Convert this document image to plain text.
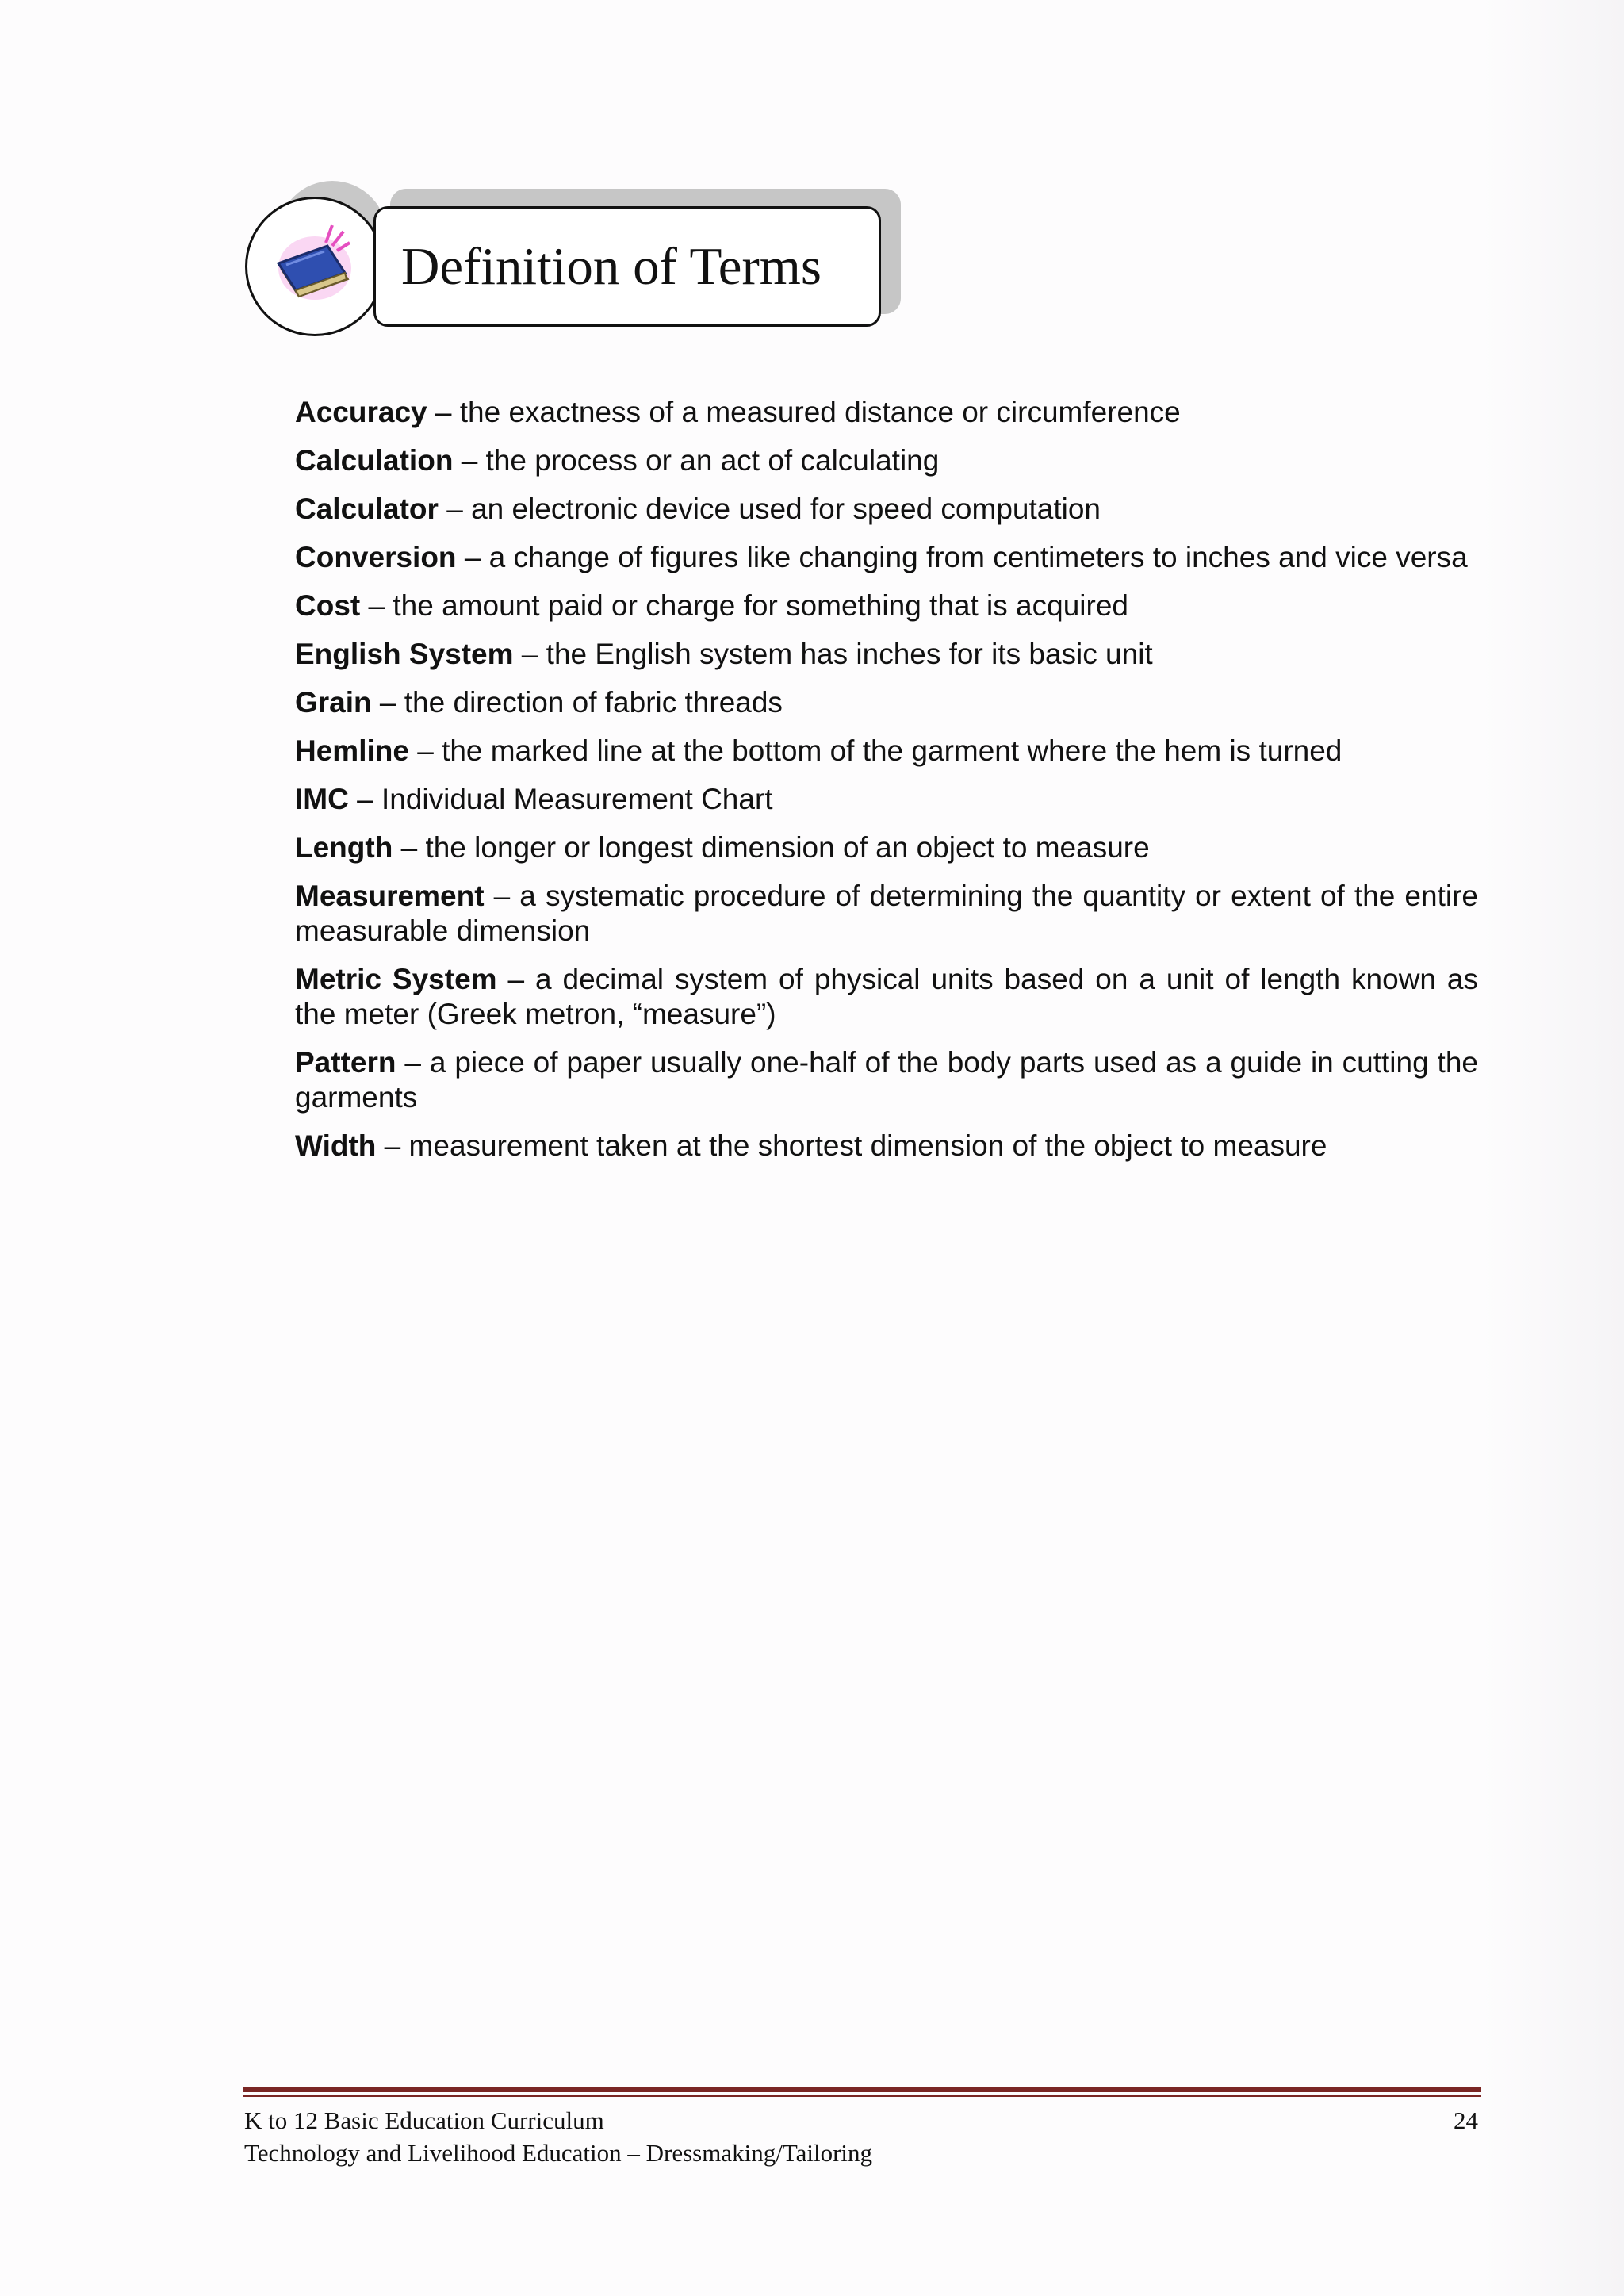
Definition of Terms
Accuracy – the exactness of a measured distance or circumference
Calculation – the process or an act of calculating
Calculator – an electronic device used for speed computation
Conversion – a change of figures like changing from centimeters to inches and vice versa
Cost – the amount paid or charge for something that is acquired
English System – the English system has inches for its basic unit
Grain – the direction of fabric threads
Hemline – the marked line at the bottom of the garment where the hem is turned
IMC – Individual Measurement Chart
Length – the longer or longest dimension of an object to measure
Measurement – a systematic procedure of determining the quantity or extent of the entire measurable dimension
Metric System – a decimal system of physical units based on a unit of length known as the meter (Greek metron, “measure”)
Pattern – a piece of paper usually one-half of the body parts used as a guide in cutting the garments
Width – measurement taken at the shortest dimension of the object to measure
K to 12 Basic Education Curriculum
Technology and Livelihood Education – Dressmaking/Tailoring
24
